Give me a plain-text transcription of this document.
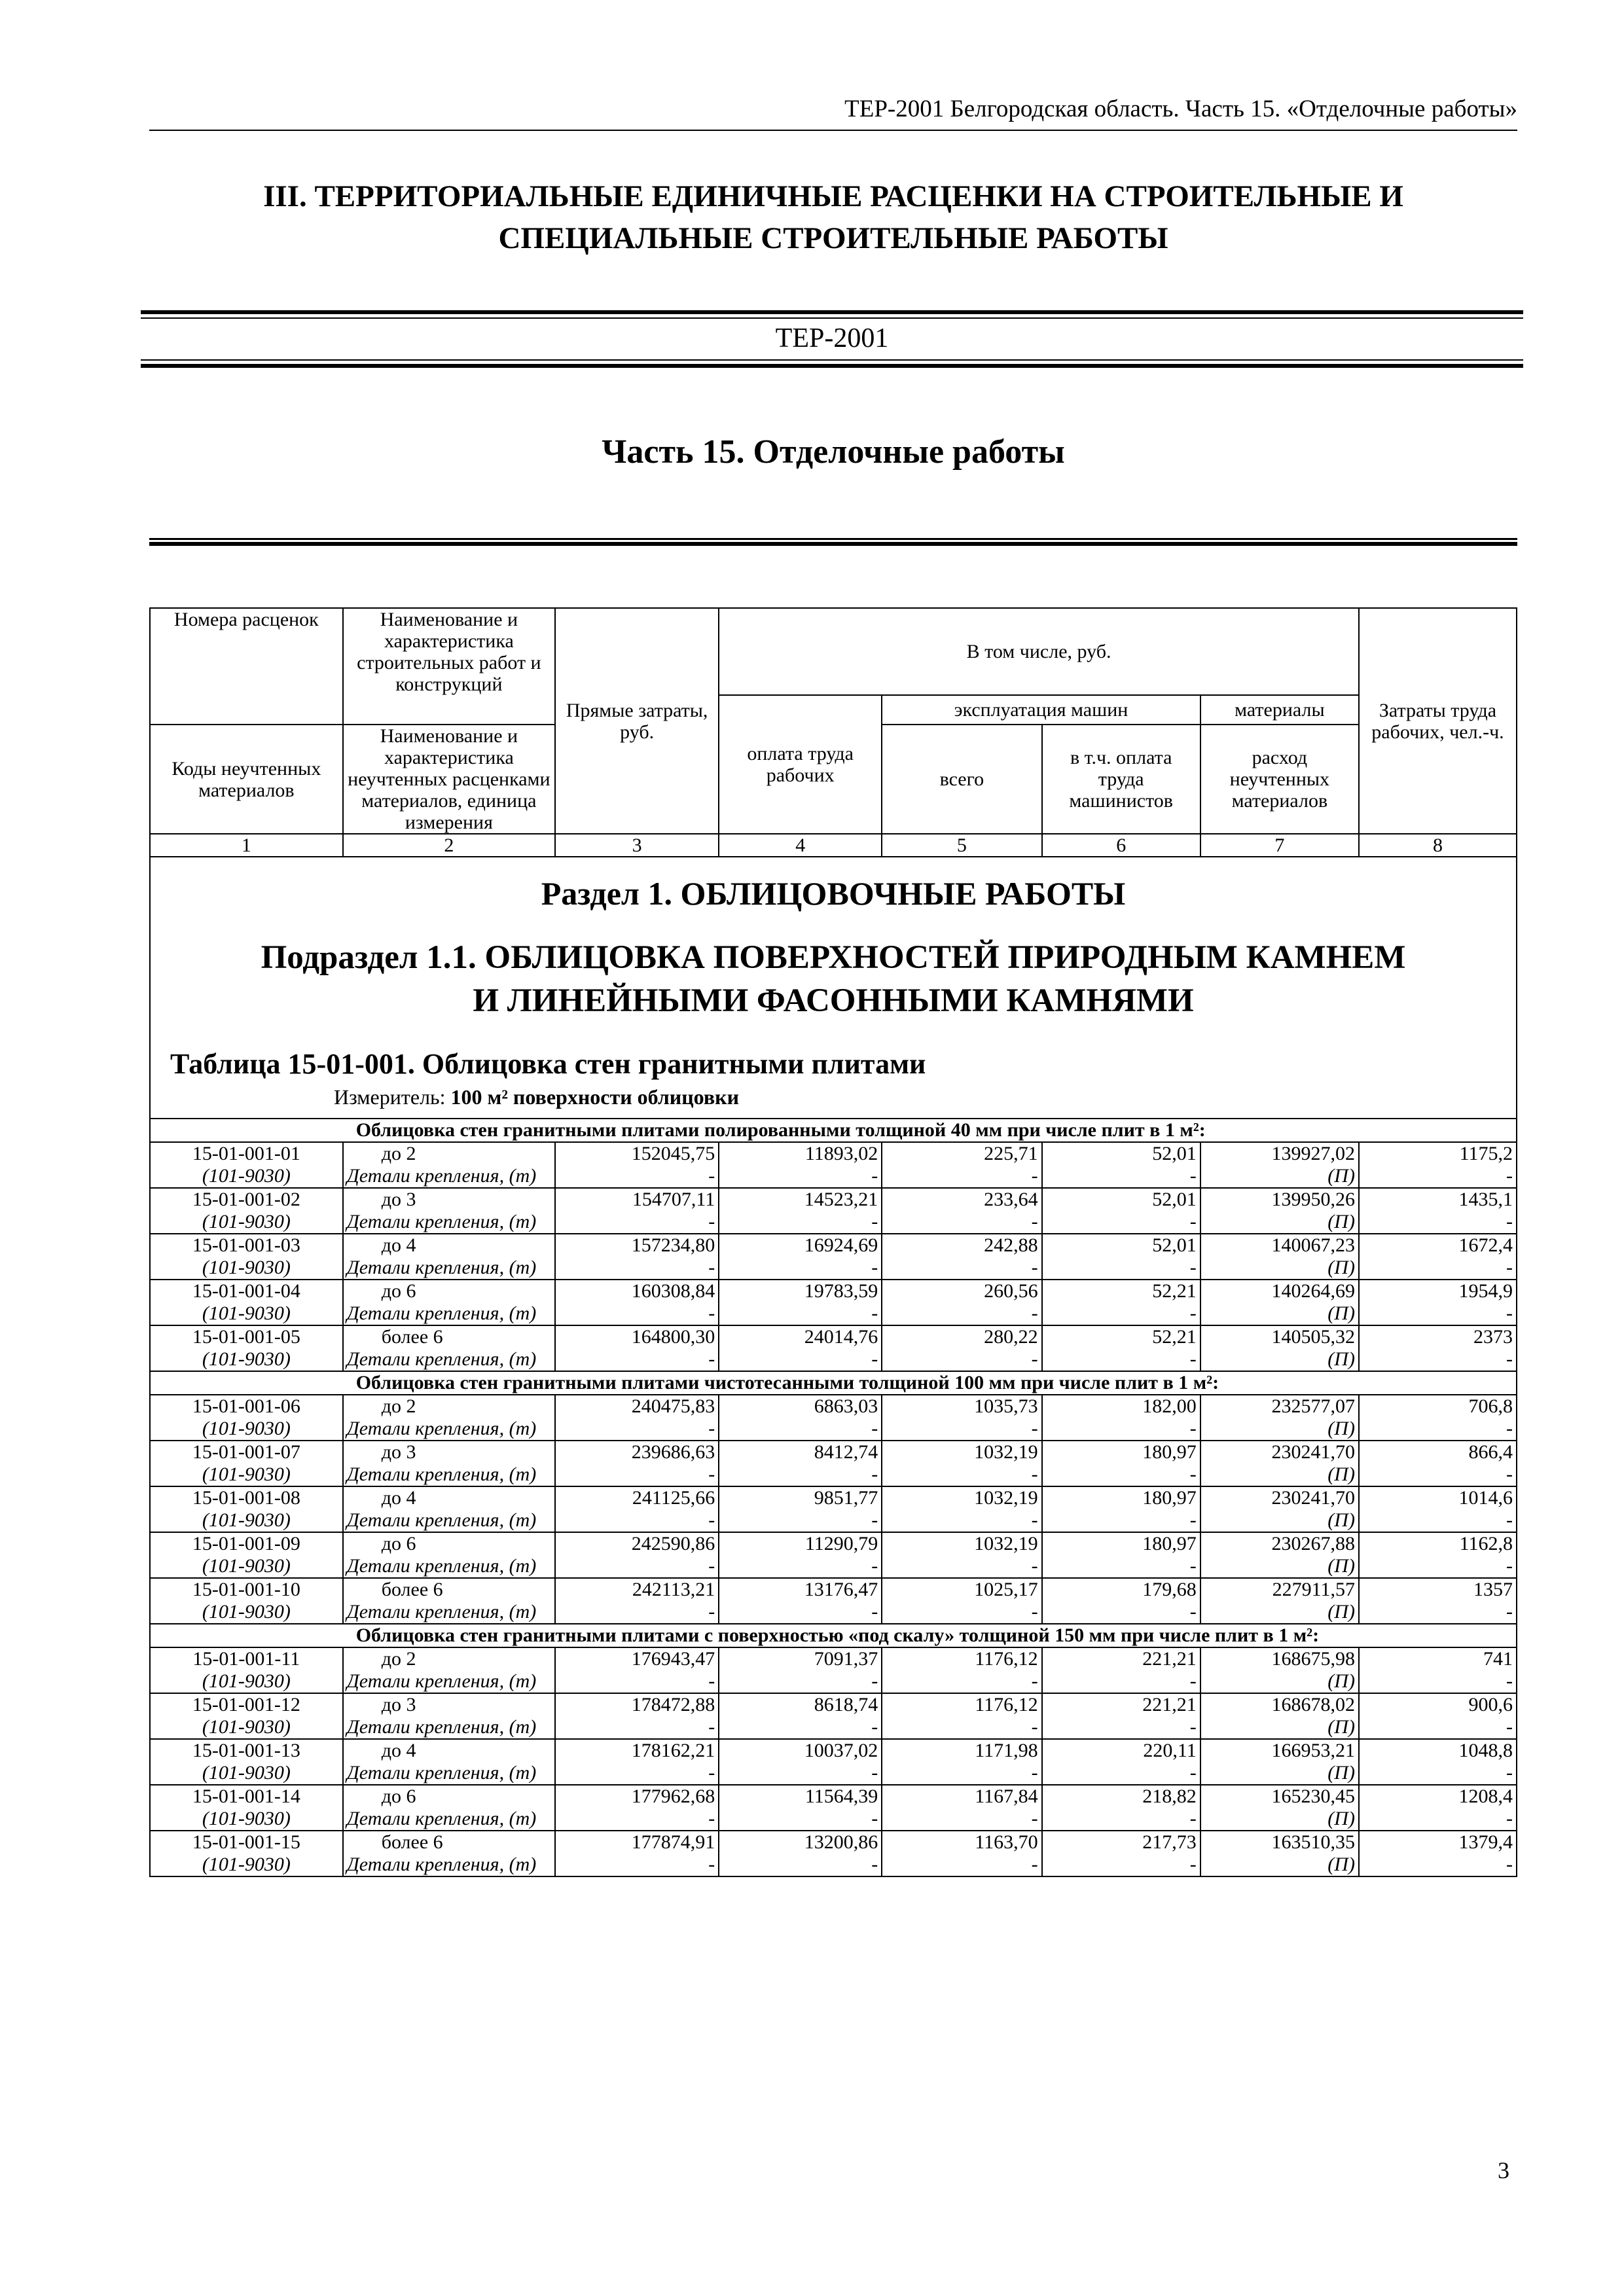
ТЕР-2001 Белгородская область. Часть 15. «Отделочные работы»
III. ТЕРРИТОРИАЛЬНЫЕ ЕДИНИЧНЫЕ РАСЦЕНКИ НА СТРОИТЕЛЬНЫЕ И
СПЕЦИАЛЬНЫЕ СТРОИТЕЛЬНЫЕ РАБОТЫ
ТЕР-2001
Часть 15. Отделочные работы
Номера расценок	Наименование и характеристика строительных работ и конструкций	Прямые затраты, руб.	В том числе, руб.				Затраты труда рабочих, чел.-ч.
			оплата труда рабочих	эксплуатация машин		материалы	
Коды неучтенных материалов	Наименование и характеристика неучтенных расценками материалов, единица измерения			всего	в т.ч. оплата труда машинистов	расход неучтенных материалов	
1	2	3	4	5	6	7	8

Раздел 1. ОБЛИЦОВОЧНЫЕ РАБОТЫ
Подраздел 1.1. ОБЛИЦОВКА ПОВЕРХНОСТЕЙ ПРИРОДНЫМ КАМНЕМ
И ЛИНЕЙНЫМИ ФАСОННЫМИ КАМНЯМИ
Таблица 15-01-001. Облицовка стен гранитными плитами
Измеритель: 100 м² поверхности облицовки							

	Облицовка стен гранитными плитами полированными толщиной 40 мм при числе плит в 1 м²:						
15-01-001-01	до 2	152045,75	11893,02	225,71	52,01	139927,02	1175,2
(101-9030)	Детали крепления, (т)	-	-	-	-	(П)	-
15-01-001-02	до 3	154707,11	14523,21	233,64	52,01	139950,26	1435,1
(101-9030)	Детали крепления, (т)	-	-	-	-	(П)	-
15-01-001-03	до 4	157234,80	16924,69	242,88	52,01	140067,23	1672,4
(101-9030)	Детали крепления, (т)	-	-	-	-	(П)	-
15-01-001-04	до 6	160308,84	19783,59	260,56	52,21	140264,69	1954,9
(101-9030)	Детали крепления, (т)	-	-	-	-	(П)	-
15-01-001-05	более 6	164800,30	24014,76	280,22	52,21	140505,32	2373
(101-9030)	Детали крепления, (т)	-	-	-	-	(П)	-
	Облицовка стен гранитными плитами чистотесанными толщиной 100 мм при числе плит в 1 м²:						
15-01-001-06	до 2	240475,83	6863,03	1035,73	182,00	232577,07	706,8
(101-9030)	Детали крепления, (т)	-	-	-	-	(П)	-
15-01-001-07	до 3	239686,63	8412,74	1032,19	180,97	230241,70	866,4
(101-9030)	Детали крепления, (т)	-	-	-	-	(П)	-
15-01-001-08	до 4	241125,66	9851,77	1032,19	180,97	230241,70	1014,6
(101-9030)	Детали крепления, (т)	-	-	-	-	(П)	-
15-01-001-09	до 6	242590,86	11290,79	1032,19	180,97	230267,88	1162,8
(101-9030)	Детали крепления, (т)	-	-	-	-	(П)	-
15-01-001-10	более 6	242113,21	13176,47	1025,17	179,68	227911,57	1357
(101-9030)	Детали крепления, (т)	-	-	-	-	(П)	-
	Облицовка стен гранитными плитами с поверхностью «под скалу» толщиной 150 мм при числе плит в 1 м²:						
15-01-001-11	до 2	176943,47	7091,37	1176,12	221,21	168675,98	741
(101-9030)	Детали крепления, (т)	-	-	-	-	(П)	-
15-01-001-12	до 3	178472,88	8618,74	1176,12	221,21	168678,02	900,6
(101-9030)	Детали крепления, (т)	-	-	-	-	(П)	-
15-01-001-13	до 4	178162,21	10037,02	1171,98	220,11	166953,21	1048,8
(101-9030)	Детали крепления, (т)	-	-	-	-	(П)	-
15-01-001-14	до 6	177962,68	11564,39	1167,84	218,82	165230,45	1208,4
(101-9030)	Детали крепления, (т)	-	-	-	-	(П)	-
15-01-001-15	более 6	177874,91	13200,86	1163,70	217,73	163510,35	1379,4
(101-9030)	Детали крепления, (т)	-	-	-	-	(П)	-
3
